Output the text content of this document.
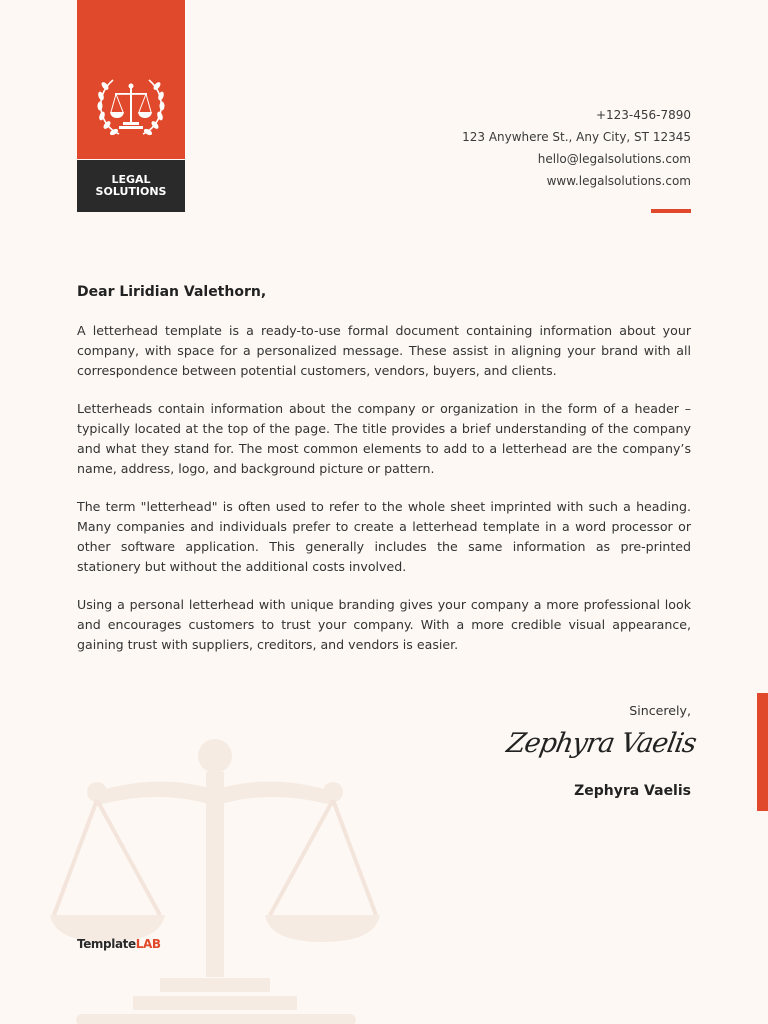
LEGAL
SOLUTIONS
+123-456-7890
123 Anywhere St., Any City, ST 12345
hello@legalsolutions.com
www.legalsolutions.com
Dear Liridian Valethorn,

A letterhead template is a ready-to-use formal document containing information about your company, with space for a personalized message. These assist in aligning your brand with all correspondence between potential customers, vendors, buyers, and clients.

Letterheads contain information about the company or organization in the form of a header – typically located at the top of the page. The title provides a brief understanding of the company and what they stand for. The most common elements to add to a letterhead are the company’s name, address, logo, and background picture or pattern.

The term "letterhead" is often used to refer to the whole sheet imprinted with such a heading. Many companies and individuals prefer to create a letterhead template in a word processor or other software application. This generally includes the same information as pre-printed stationery but without the additional costs involved.

Using a personal letterhead with unique branding gives your company a more professional look and encourages customers to trust your company. With a more credible visual appearance, gaining trust with suppliers, creditors, and vendors is easier.

Sincerely,
Zephyra Vaelis
Zephyra Vaelis
TemplateLAB
